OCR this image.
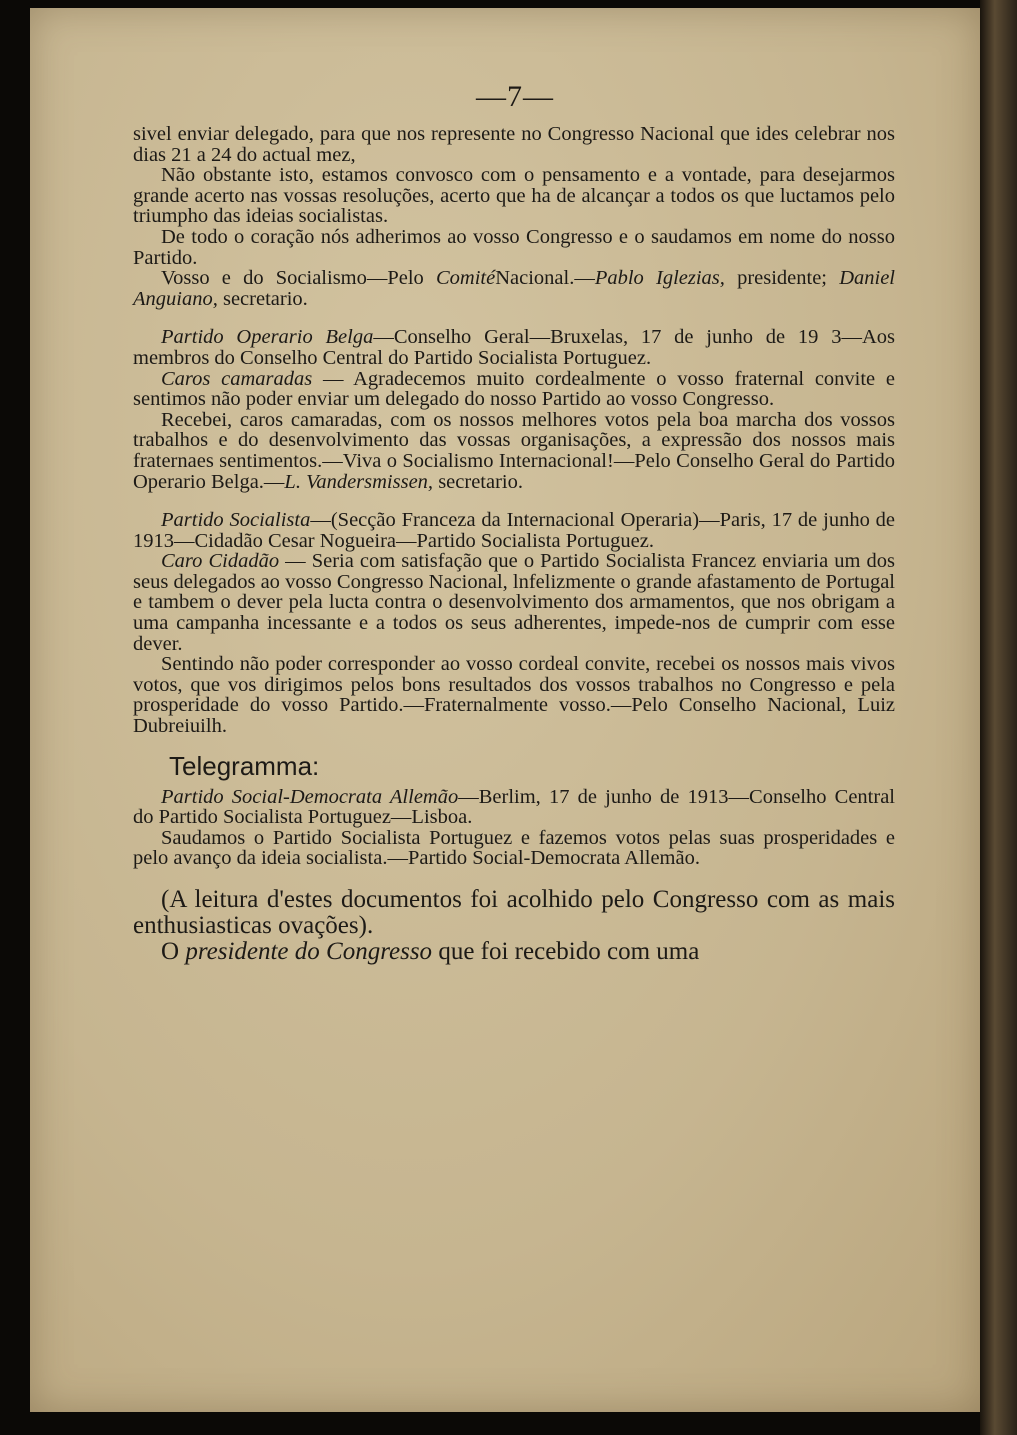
—7—

sivel enviar delegado, para que nos represente no Congresso Nacional que ides celebrar nos dias 21 a 24 do actual mez,

Não obstante isto, estamos convosco com o pensamento e a vontade, para desejarmos grande acerto nas vossas resoluções, acerto que ha de alcançar a todos os que luctamos pelo triumpho das ideias socialistas.

De todo o coração nós adherimos ao vosso Congresso e o saudamos em nome do nosso Partido.

Vosso e do Socialismo—Pelo ComitéNacional.—Pablo Iglezias, presidente; Daniel Anguiano, secretario.

Partido Operario Belga—Conselho Geral—Bruxelas, 17 de junho de 19 3—Aos membros do Conselho Central do Partido Socialista Portuguez.

Caros camaradas — Agradecemos muito cordealmente o vosso fraternal convite e sentimos não poder enviar um delegado do nosso Partido ao vosso Congresso.

Recebei, caros camaradas, com os nossos melhores votos pela boa marcha dos vossos trabalhos e do desenvolvimento das vossas organisações, a expressão dos nossos mais fraternaes sentimentos.—Viva o Socialismo Internacional!—Pelo Conselho Geral do Partido Operario Belga.—L. Vandersmissen, secretario.

Partido Socialista—(Secção Franceza da Internacional Operaria)—Paris, 17 de junho de 1913—Cidadão Cesar Nogueira—Partido Socialista Portuguez.

Caro Cidadão — Seria com satisfação que o Partido Socialista Francez enviaria um dos seus delegados ao vosso Congresso Nacional, lnfelizmente o grande afastamento de Portugal e tambem o dever pela lucta contra o desenvolvimento dos armamentos, que nos obrigam a uma campanha incessante e a todos os seus adherentes, impede-nos de cumprir com esse dever.

Sentindo não poder corresponder ao vosso cordeal convite, recebei os nossos mais vivos votos, que vos dirigimos pelos bons resultados dos vossos trabalhos no Congresso e pela prosperidade do vosso Partido.—Fraternalmente vosso.—Pelo Conselho Nacional, Luiz Dubreiuilh.

Telegramma:

Partido Social-Democrata Allemão—Berlim, 17 de junho de 1913—Conselho Central do Partido Socialista Portuguez—Lisboa.

Saudamos o Partido Socialista Portuguez e fazemos votos pelas suas prosperidades e pelo avanço da ideia socialista.—Partido Social-Democrata Allemão.

(A leitura d'estes documentos foi acolhido pelo Congresso com as mais enthusiasticas ovações).

O presidente do Congresso que foi recebido com uma
